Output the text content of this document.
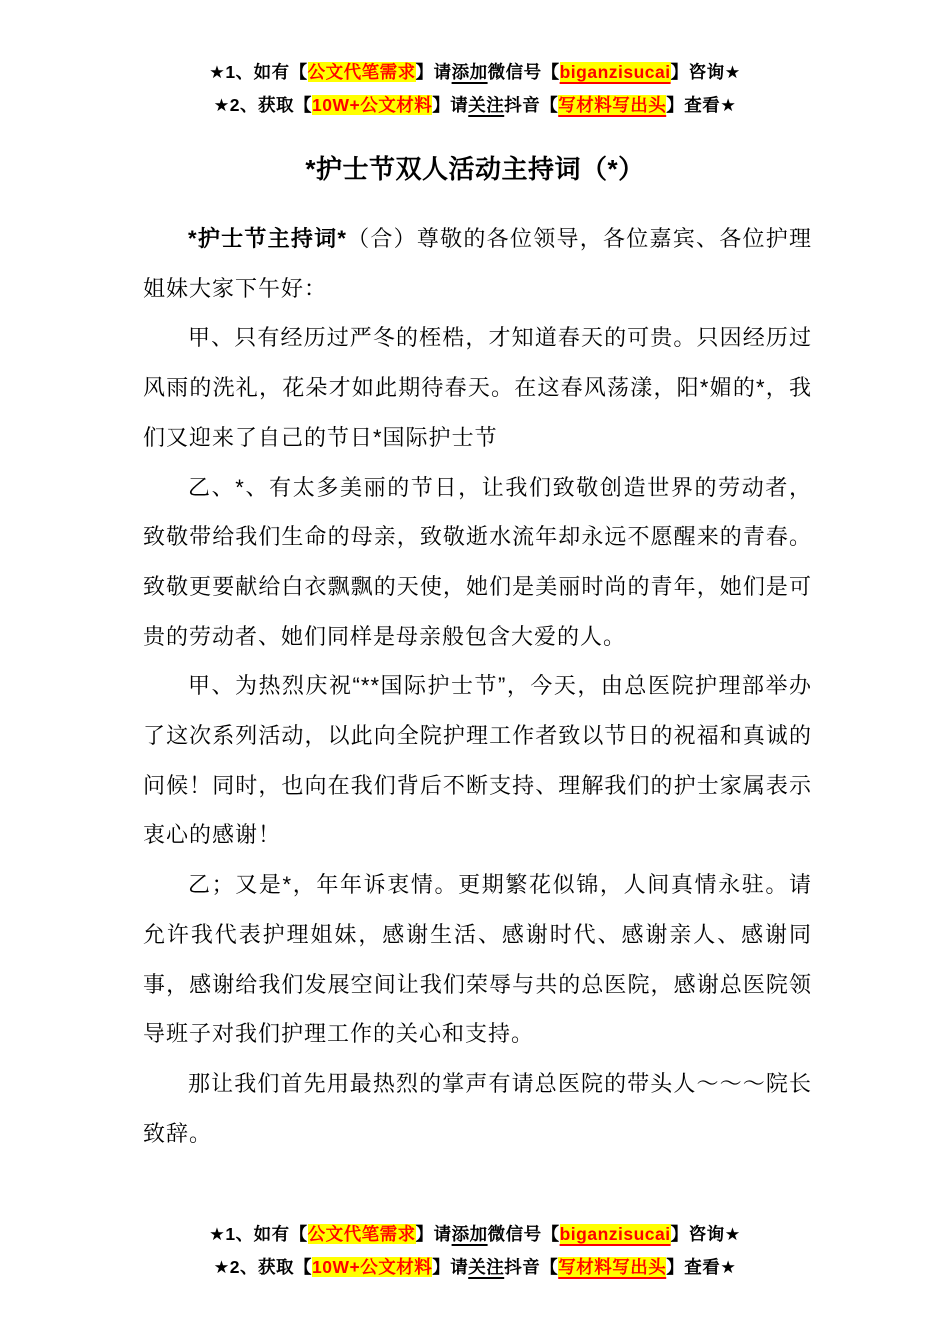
★1、如有【公文代笔需求】请添加微信号【biganzisucai】咨询★
★2、获取【10W+公文材料】请关注抖音【写材料写出头】查看★
*护士节双人活动主持词（*）

*护士节主持词*（合）尊敬的各位领导，各位嘉宾、各位护理姐妹大家下午好：

甲、只有经历过严冬的桎梏，才知道春天的可贵。只因经历过风雨的洗礼，花朵才如此期待春天。在这春风荡漾，阳*媚的*，我们又迎来了自己的节日*国际护士节

乙、*、有太多美丽的节日，让我们致敬创造世界的劳动者，致敬带给我们生命的母亲，致敬逝水流年却永远不愿醒来的青春。致敬更要献给白衣飘飘的天使，她们是美丽时尚的青年，她们是可贵的劳动者、她们同样是母亲般包含大爱的人。

甲、为热烈庆祝“**国际护士节”，今天，由总医院护理部举办了这次系列活动，以此向全院护理工作者致以节日的祝福和真诚的问候！同时，也向在我们背后不断支持、理解我们的护士家属表示衷心的感谢！

乙；又是*，年年诉衷情。更期繁花似锦，人间真情永驻。请允许我代表护理姐妹，感谢生活、感谢时代、感谢亲人、感谢同事，感谢给我们发展空间让我们荣辱与共的总医院，感谢总医院领导班子对我们护理工作的关心和支持。

那让我们首先用最热烈的掌声有请总医院的带头人～～～院长致辞。

★1、如有【公文代笔需求】请添加微信号【biganzisucai】咨询★
★2、获取【10W+公文材料】请关注抖音【写材料写出头】查看★
